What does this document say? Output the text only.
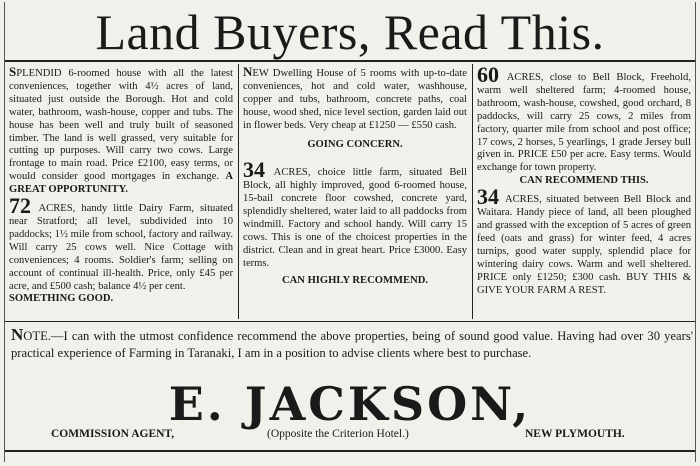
Land Buyers, Read This.

SPLENDID 6-roomed house with all the latest conveniences, together with 4½ acres of land, situated just outside the Borough. Hot and cold water, bathroom, wash-house, copper and tubs. The house has been well and truly built of seasoned timber. The land is well grassed, very suitable for cutting up purposes. Will carry two cows. Large frontage to main road. Price £2100, easy terms, or would consider good mortgages in exchange. A GREAT OPPORTUNITY.

72 ACRES, handy little Dairy Farm, situated near Stratford; all level, subdivided into 10 paddocks; 1½ mile from school, factory and railway. Will carry 25 cows well. Nice Cottage with conveniences; 4 rooms. Soldier's farm; selling on account of continual ill-health. Price, only £45 per acre, and £500 cash; balance 4½ per cent.

SOMETHING GOOD.

NEW Dwelling House of 5 rooms with up-to-date conveniences, hot and cold water, washhouse, copper and tubs, bathroom, concrete paths, coal house, wood shed, nice level section, garden laid out in flower beds. Very cheap at £1250 — £550 cash.

GOING CONCERN.

34 ACRES, choice little farm, situated Bell Block, all highly improved, good 6-roomed house, 15-bail concrete floor cowshed, concrete yard, splendidly sheltered, water laid to all paddocks from windmill. Factory and school handy. Will carry 15 cows. This is one of the choicest properties in the district. Clean and in great heart. Price £3000. Easy terms.

CAN HIGHLY RECOMMEND.

60 ACRES, close to Bell Block, Freehold, warm well sheltered farm; 4-roomed house, bathroom, wash-house, cowshed, good orchard, 8 paddocks, will carry 25 cows, 2 miles from factory, quarter mile from school and post office; 17 cows, 2 horses, 5 yearlings, 1 grade Jersey bull given in. PRICE £50 per acre. Easy terms. Would exchange for town property.

CAN RECOMMEND THIS.

34 ACRES, situated between Bell Block and Waitara. Handy piece of land, all been ploughed and grassed with the exception of 5 acres of green feed (oats and grass) for winter feed, 4 acres turnips, good water supply, splendid place for wintering dairy cows. Warm and well sheltered. PRICE only £1250; £300 cash. BUY THIS & GIVE YOUR FARM A REST.

NOTE.—I can with the utmost confidence recommend the above properties, being of sound good value. Having had over 30 years' practical experience of Farming in Taranaki, I am in a position to advise clients where best to purchase.
E. JACKSON,
COMMISSION AGENT,	(Opposite the Criterion Hotel.)	NEW PLYMOUTH.
